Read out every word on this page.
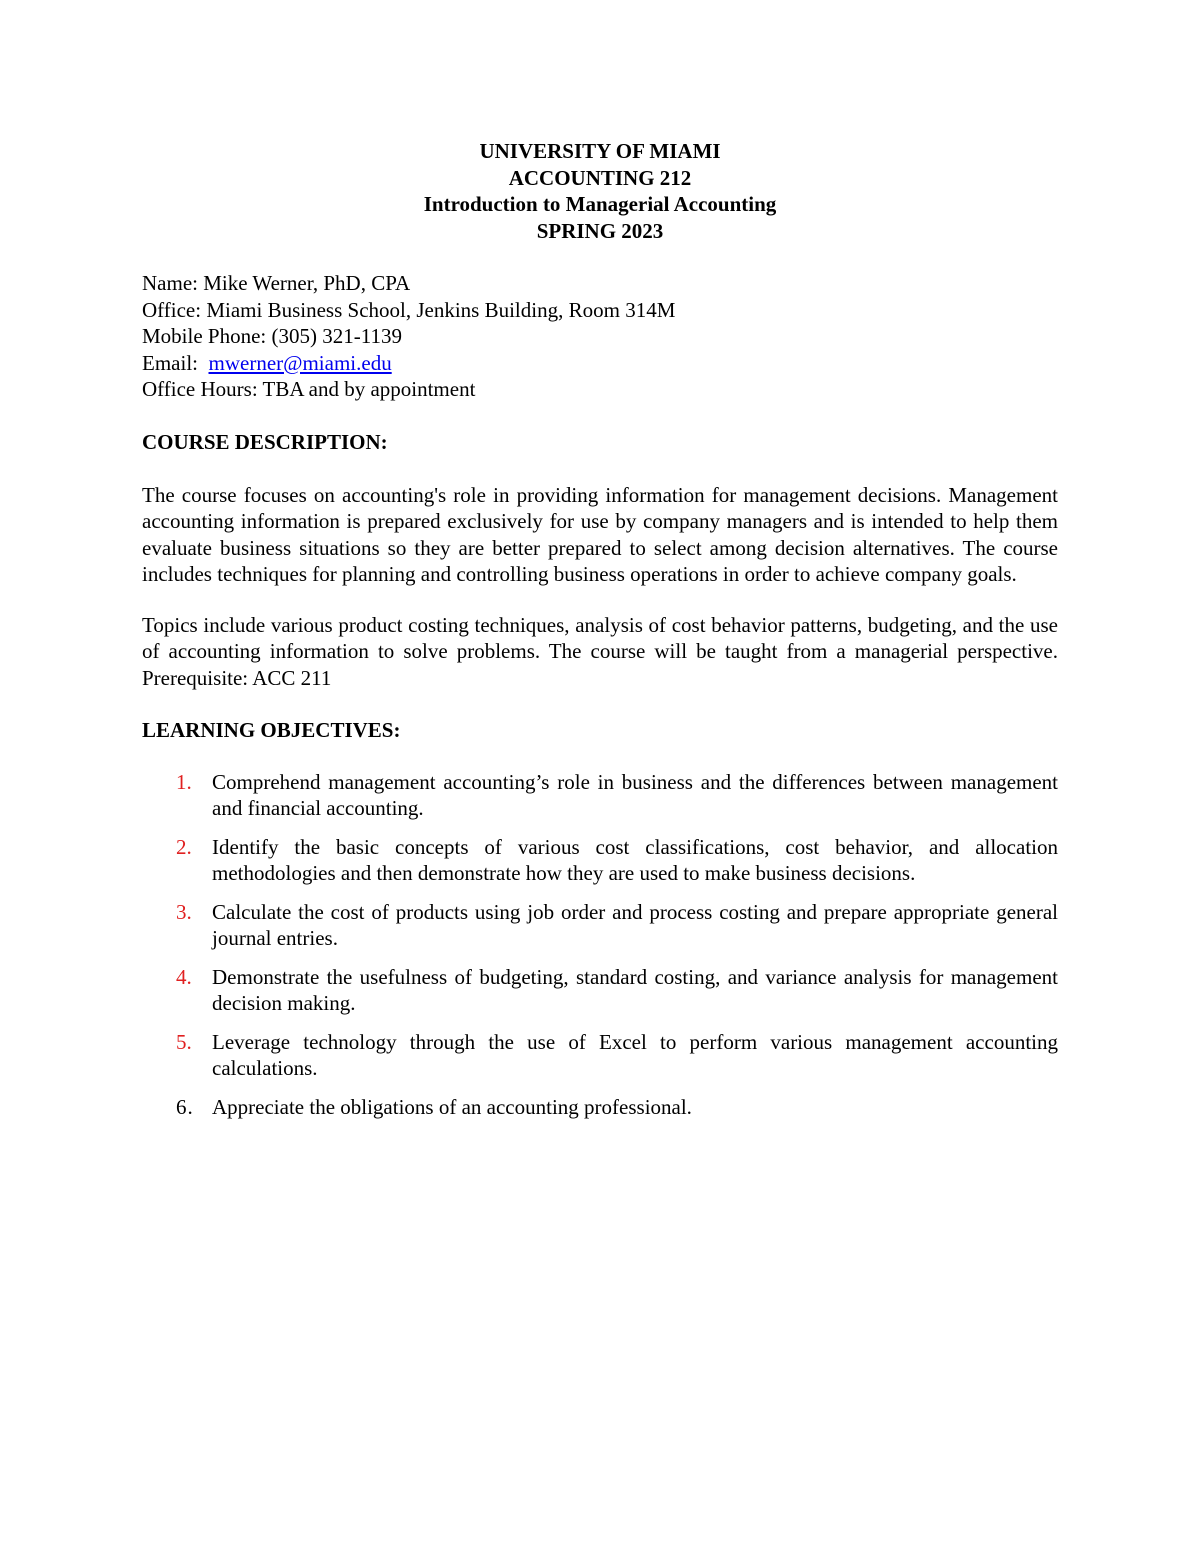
UNIVERSITY OF MIAMI
ACCOUNTING 212
Introduction to Managerial Accounting
SPRING 2023
Name: Mike Werner, PhD, CPA
Office: Miami Business School, Jenkins Building, Room 314M
Mobile Phone: (305) 321-1139
Email: mwerner@miami.edu
Office Hours: TBA and by appointment
COURSE DESCRIPTION:

The course focuses on accounting's role in providing information for management decisions. Management accounting information is prepared exclusively for use by company managers and is intended to help them evaluate business situations so they are better prepared to select among decision alternatives. The course includes techniques for planning and controlling business operations in order to achieve company goals.

Topics include various product costing techniques, analysis of cost behavior patterns, budgeting, and the use of accounting information to solve problems. The course will be taught from a managerial perspective. Prerequisite: ACC 211

LEARNING OBJECTIVES:
1. Comprehend management accounting’s role in business and the differences between management and financial accounting.
2. Identify the basic concepts of various cost classifications, cost behavior, and allocation methodologies and then demonstrate how they are used to make business decisions.
3. Calculate the cost of products using job order and process costing and prepare appropriate general journal entries.
4. Demonstrate the usefulness of budgeting, standard costing, and variance analysis for management decision making.
5. Leverage technology through the use of Excel to perform various management accounting calculations.
6. Appreciate the obligations of an accounting professional.
